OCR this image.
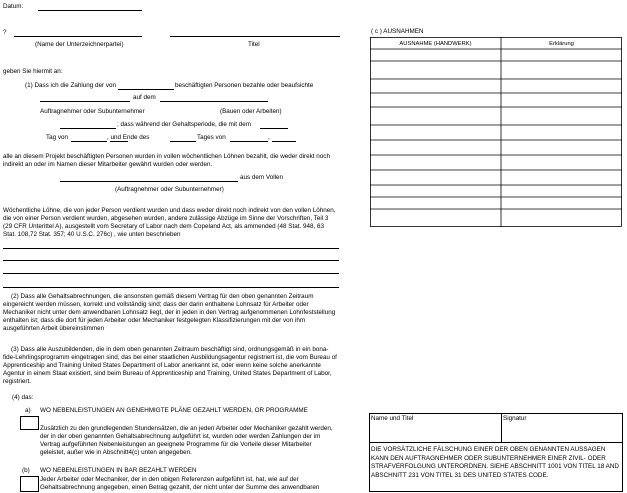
Datum:
?
(Name der Unterzeichnerpartei)	Titel
geben Sie hiermit an:
(1) Dass ich die Zahlung der von	beschäftigten Personen bezahle oder beaufsichte
auf dem
Auftragnehmer oder Subunternehmer	(Bauen oder Arbeiten)
; dass während der Gehaltsperiode, die mit dem
Tag von	, und Ende des	Tages von	,
alle an diesem Projekt beschäftigten Personen wurden in vollen wöchentlichen Löhnen bezahlt, die weder direkt noch indirekt an oder im Namen dieser Mitarbeiter gewährt wurden oder werden.
aus dem Vollen
(Auftragnehmer oder Subunternehmer)
Wöchentliche Löhne, die von jeder Person verdient wurden und dass weder direkt noch indirekt von den vollen Löhnen, die von einer Person verdient wurden, abgesehen wurden, andere zulässige Abzüge im Sinne der Vorschriften, Teil 3 (29 CFR Unterittel A), ausgestellt vom Secretary of Labor nach dem Copeland Act, als ammended (48 Stat. 948, 63 Stat. 108,72 Stat. 357; 40 U.S.C. 276c) , wie unten beschrieben
(2) Dass alle Gehaltsabrechnungen, die ansonsten gemäß diesem Vertrag für den oben genannten Zeitraum eingereicht werden müssen, korrekt und vollständig sind; dass der darin enthaltene Lohnsatz für Arbeiter oder Mechaniker nicht unter dem anwendbaren Lohnsatz liegt, der in jeden in den Vertrag aufgenommenen Lohnfeststellung enthalten ist; dass die dort für jeden Arbeiter oder Mechaniker festgelegten Klassifizierungen mit der von ihm ausgeführten Arbeit übereinstimmen
(3) Dass alle Auszubildenden, die in dem oben genannten Zeitraum beschäftigt sind, ordnungsgemäß in ein bona-fide-Lehrlingsprogramm eingetragen sind, das bei einer staatlichen Ausbildungsagentur registriert ist, die vom Bureau of Apprenticeship and Training United States Department of Labor anerkannt ist, oder wenn keine solche anerkannte Agentur in einem Staat existiert, sind beim Bureau of Apprenticeship and Training, United States Department of Labor, registriert.
(4) das:
a) WO NEBENLEISTUNGEN AN GENEHMIGTE PLÄNE GEZAHLT WERDEN, OR PROGRAMME
Zusätzlich zu den grundlegenden Stundensätzen, die an jeden Arbeiter oder Mechaniker gezahlt werden, der in der oben genannten Gehaltsabrechnung aufgeführt ist, wurden oder werden Zahlungen der im Vertrag aufgeführten Nebenleistungen an geeignete Programme für die Vorteile dieser Mitarbeiter geleistet, außer wie in Abschnitt4(c) unten angegeben.
(b) WO NEBENLEISTUNGEN IN BAR BEZAHLT WERDEN
Jeder Arbeiter oder Mechaniker, der in den obigen Referenzen aufgeführt ist, hat, wie auf der Gehaltsabrechnung angegeben, einen Betrag gezahlt, der nicht unter der Summe des anwendbaren
( c ) AUSNAHMEN
AUSNAHME (HANDWERK)	Erklärung
Name und Titel	Signatur
DIE VORSÄTZLICHE FÄLSCHUNG EINER DER OBEN GENANNTEN AUSSAGEN KANN DEN AUFTRAGNEHMER ODER SUBUNTERNEHMER EINER ZIVIL- ODER STRAFVERFOLGUNG UNTERORDNEN. SIEHE ABSCHNITT 1001 VON TITEL 18 AND ABSCHNITT 231 VON TITEL 31 DES UNITED STATES CODE.
